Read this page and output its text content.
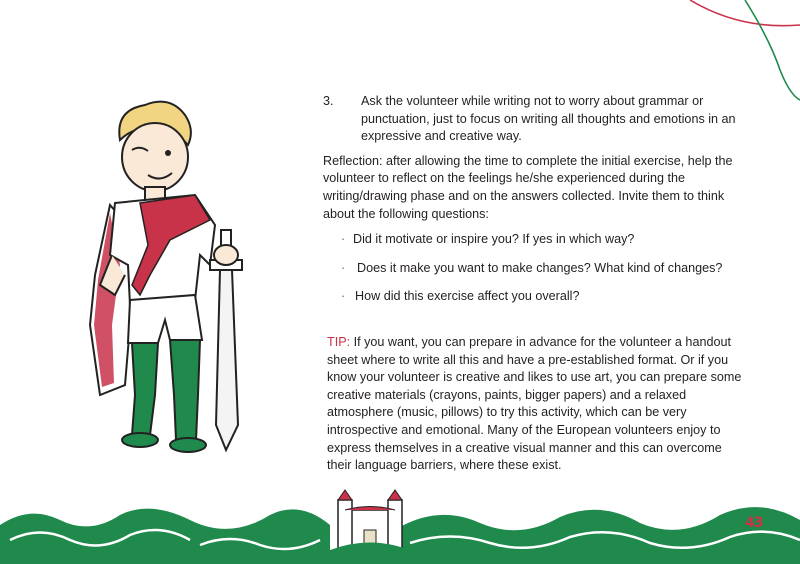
3. Ask the volunteer while writing not to worry about grammar or punctuation, just to focus on writing all thoughts and emotions in an expressive and creative way.

Reflection: after allowing the time to complete the initial exercise, help the volunteer to reflect on the feelings he/she experienced during the writing/drawing phase and on the answers collected. Invite them to think about the following questions:

· Did it motivate or inspire you? If yes in which way?
· Does it make you want to make changes? What kind of changes?
· How did this exercise affect you overall?

TIP: If you want, you can prepare in advance for the volunteer a handout sheet where to write all this and have a pre-established format. Or if you know your volunteer is creative and likes to use art, you can prepare some creative materials (crayons, paints, bigger papers) and a relaxed atmosphere (music, pillows) to try this activity, which can be very introspective and emotional. Many of the European volunteers enjoy to express themselves in a creative visual manner and this can overcome their language barriers, where these exist.

43
